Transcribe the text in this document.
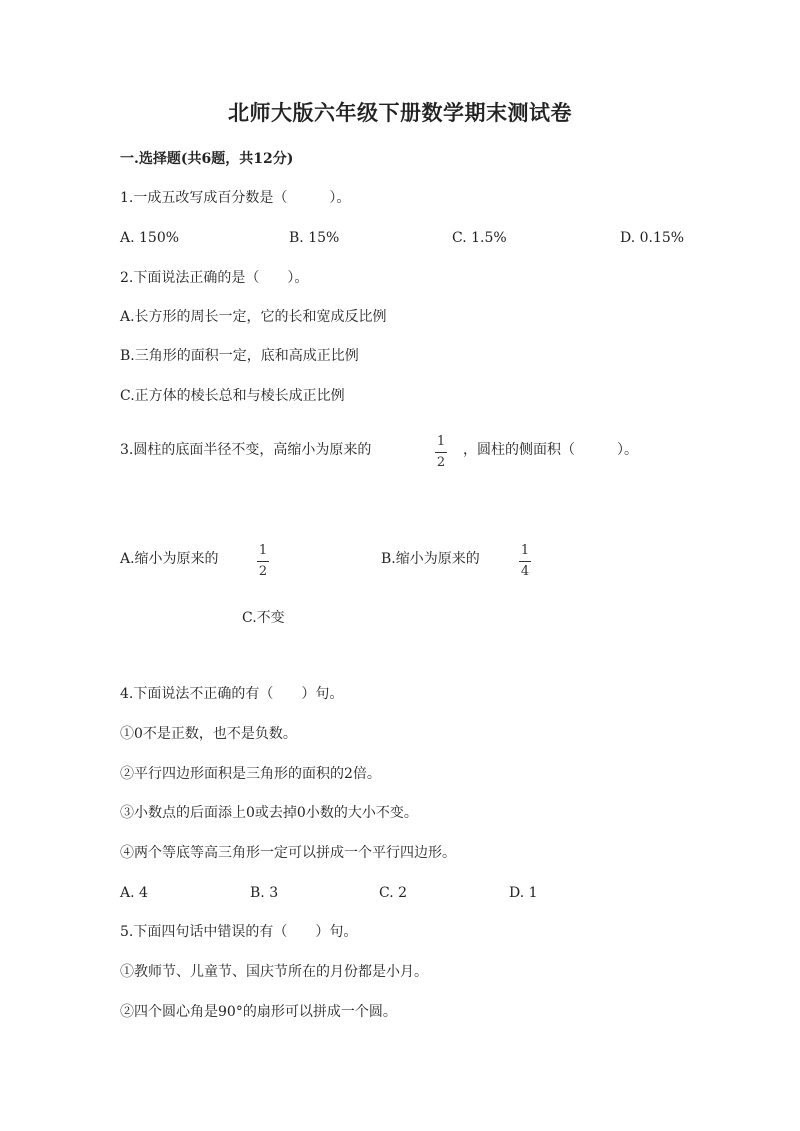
北师大版六年级下册数学期末测试卷
一.选择题(共6题，共12分)
1.一成五改写成百分数是（　　　）。
A. 150%	B. 15%	C. 1.5%	D. 0.15%
2.下面说法正确的是（　　）。
A.长方形的周长一定，它的长和宽成反比例
B.三角形的面积一定，底和高成正比例
C.正方体的棱长总和与棱长成正比例
3.圆柱的底面半径不变，高缩小为原来的
1
2
，圆柱的侧面积（　　　）。
A.缩小为原来的
1
2
B.缩小为原来的
1
4
C.不变
4.下面说法不正确的有（　　）句。
①0不是正数，也不是负数。
②平行四边形面积是三角形的面积的2倍。
③小数点的后面添上0或去掉0小数的大小不变。
④两个等底等高三角形一定可以拼成一个平行四边形。
A. 4	B. 3	C. 2	D. 1
5.下面四句话中错误的有（　　）句。
①教师节、儿童节、国庆节所在的月份都是小月。
②四个圆心角是90°的扇形可以拼成一个圆。
